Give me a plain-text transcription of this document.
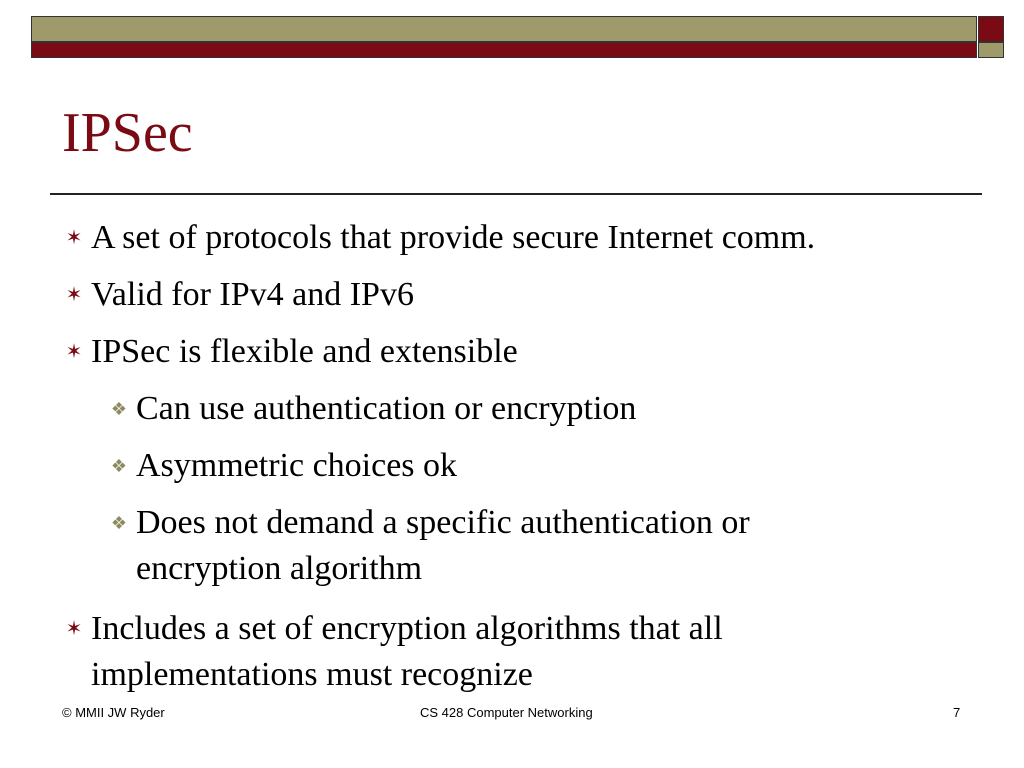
IPSec
✶ A set of protocols that provide secure Internet comm.
✶ Valid for IPv4 and IPv6
✶ IPSec is flexible and extensible
❖ Can use authentication or encryption
❖ Asymmetric choices ok
❖ Does not demand a specific authentication or encryption algorithm
✶ Includes a set of encryption algorithms that all implementations must recognize
© MMII JW Ryder	CS 428 Computer Networking	7
